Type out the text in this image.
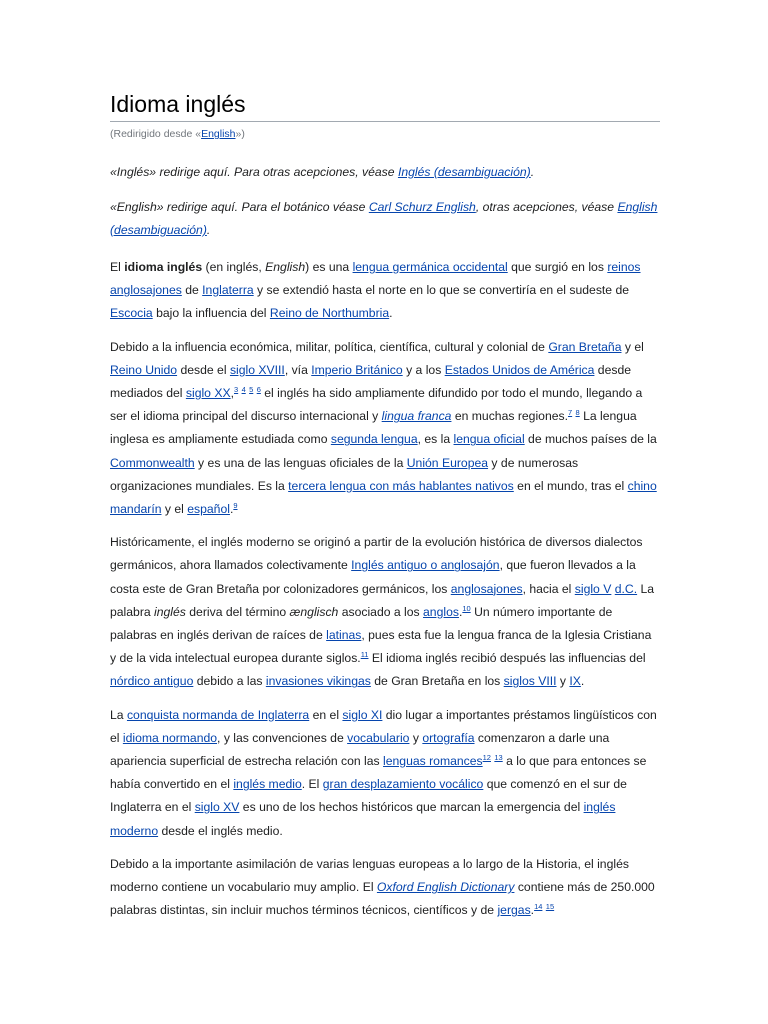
Idioma inglés
(Redirigido desde «English»)
«Inglés» redirige aquí. Para otras acepciones, véase Inglés (desambiguación).
«English» redirige aquí. Para el botánico véase Carl Schurz English, otras acepciones, véase English (desambiguación).

El idioma inglés (en inglés, English) es una lengua germánica occidental que surgió en los reinos anglosajones de Inglaterra y se extendió hasta el norte en lo que se convertiría en el sudeste de Escocia bajo la influencia del Reino de Northumbria.

Debido a la influencia económica, militar, política, científica, cultural y colonial de Gran Bretaña y el Reino Unido desde el siglo XVIII, vía Imperio Británico y a los Estados Unidos de América desde mediados del siglo XX,$^3$ $^4$ $^5$ $^6$ el inglés ha sido ampliamente difundido por todo el mundo, llegando a ser el idioma principal del discurso internacional y lingua franca en muchas regiones.$^7$ $^8$ La lengua inglesa es ampliamente estudiada como segunda lengua, es la lengua oficial de muchos países de la Commonwealth y es una de las lenguas oficiales de la Unión Europea y de numerosas organizaciones mundiales. Es la tercera lengua con más hablantes nativos en el mundo, tras el chino mandarín y el español.$^9$

Históricamente, el inglés moderno se originó a partir de la evolución histórica de diversos dialectos germánicos, ahora llamados colectivamente Inglés antiguo o anglosajón, que fueron llevados a la costa este de Gran Bretaña por colonizadores germánicos, los anglosajones, hacia el siglo V d.C. La palabra inglés deriva del término ænglisch asociado a los anglos.$^{10}$ Un número importante de palabras en inglés derivan de raíces de latinas, pues esta fue la lengua franca de la Iglesia Cristiana y de la vida intelectual europea durante siglos.$^{11}$ El idioma inglés recibió después las influencias del nórdico antiguo debido a las invasiones vikingas de Gran Bretaña en los siglos VIII y IX.

La conquista normanda de Inglaterra en el siglo XI dio lugar a importantes préstamos lingüísticos con el idioma normando, y las convenciones de vocabulario y ortografía comenzaron a darle una apariencia superficial de estrecha relación con las lenguas romances$^{12}$ $^{13}$ a lo que para entonces se había convertido en el inglés medio. El gran desplazamiento vocálico que comenzó en el sur de Inglaterra en el siglo XV es uno de los hechos históricos que marcan la emergencia del inglés moderno desde el inglés medio.

Debido a la importante asimilación de varias lenguas europeas a lo largo de la Historia, el inglés moderno contiene un vocabulario muy amplio. El Oxford English Dictionary contiene más de 250.000 palabras distintas, sin incluir muchos términos técnicos, científicos y de jergas.$^{14}$ $^{15}$
